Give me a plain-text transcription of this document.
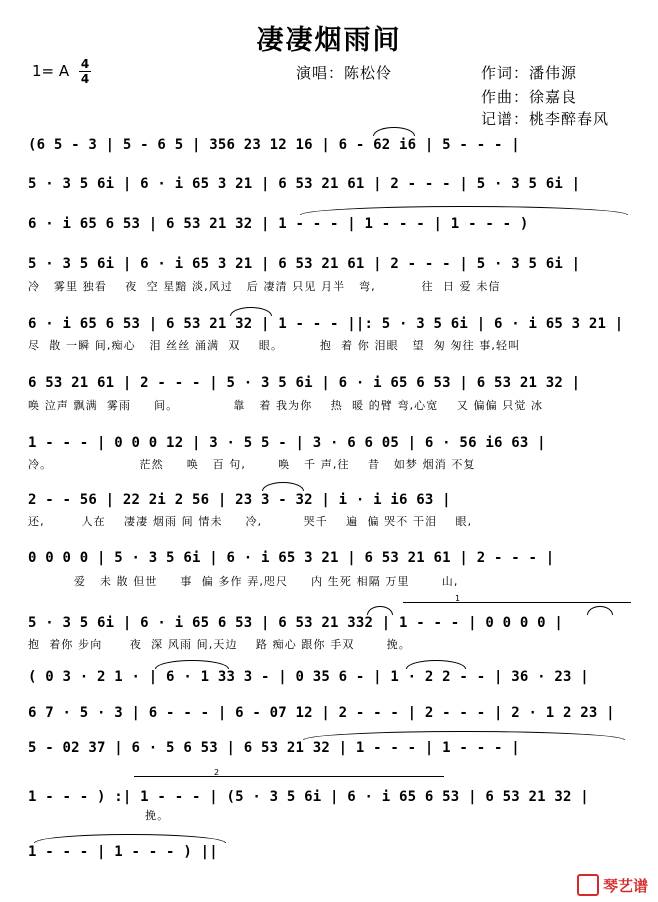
凄凄烟雨间
1= A 4
4	演唱：陈松伶	作词：潘伟源
作曲：徐嘉良
记谱：桃李醉春风
(6 5 - 3 | 5 - 6 5 | 356 23 12 16 | 6 - 62 i6 | 5 - - - |
5 · 3 5 6i | 6 · i 65 3 21 | 6 53 21 61 | 2 - - - | 5 · 3 5 6i |
6 · i 65 6 53 | 6 53 21 32 | 1 - - - | 1 - - - | 1 - - - )
5 · 3 5 6i | 6 · i 65 3 21 | 6 53 21 61 | 2 - - - | 5 · 3 5 6i |
冷   雾里 独看    夜  空 星黯 淡,风过   后 凄清 只见 月半   弯,          往  日 爱 未信
6 · i 65 6 53 | 6 53 21 32 | 1 - - - ||: 5 · 3 5 6i | 6 · i 65 3 21 |
尽  散 一瞬 间,痴心   泪 丝丝 涌满  双    眼。        抱  着 你 泪眼   望  匆 匆往 事,轻叫
6 53 21 61 | 2 - - - | 5 · 3 5 6i | 6 · i 65 6 53 | 6 53 21 32 |
唤 泣声 飘满  雾雨     间。            靠   着 我为你    热  暖 的臂 弯,心宽    又 偏偏 只觉 冰
1 - - - | 0 0 0 12 | 3 · 5 5 - | 3 · 6 6 05 | 6 · 56 i6 63 |
冷。                   茫然     唤   百 句,       唤   千 声,往    昔   如梦 烟消 不复
2 - - 56 | 22 2i 2 56 | 23 3 - 32 | i · i i6 63 |
还,        人在    凄凄 烟雨 间 情未     冷,         哭千    遍  偏 哭不 干泪    眼,
0 0 0 0 | 5 · 3 5 6i | 6 · i 65 3 21 | 6 53 21 61 | 2 - - - |
爱   未 散 但世     事  偏 多作 弄,咫尺     内 生死 相隔 万里       山,
5 · 3 5 6i | 6 · i 65 6 53 | 6 53 21 332 | 1 - - - | 0 0 0 0 |
抱  着你 步向      夜  深 风雨 间,天边    路 痴心 跟你 手双       挽。
( 0 3 · 2 1 · | 6 · 1 33 3 - | 0 35 6 - | 1 · 2 2 - - | 36 · 23 |
6 7 · 5 · 3 | 6 - - - | 6 - 07 12 | 2 - - - | 2 - - - | 2 · 1 2 23 |
5 - 02 37 | 6 · 5 6 53 | 6 53 21 32 | 1 - - - | 1 - - - |
1 - - - ) :| 1 - - - | (5 · 3 5 6i | 6 · i 65 6 53 | 6 53 21 32 |
挽。
1 - - - | 1 - - - ) ||
1
2
琴艺谱
